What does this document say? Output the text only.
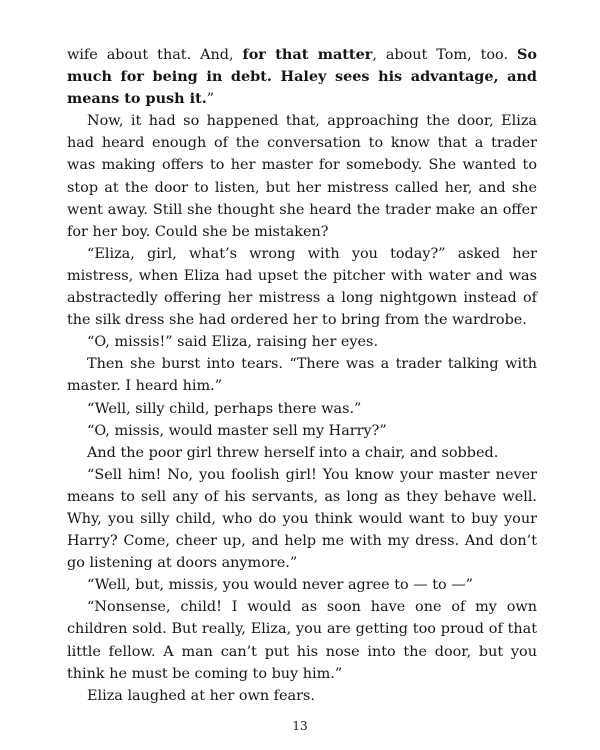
wife about that. And, for that matter, about Tom, too. So much for being in debt. Haley sees his advantage, and means to push it.”

Now, it had so happened that, approaching the door, Eliza had heard enough of the conversation to know that a trader was making offers to her master for somebody. She wanted to stop at the door to listen, but her mistress called her, and she went away. Still she thought she heard the trader make an offer for her boy. Could she be mistaken?

“Eliza, girl, what’s wrong with you today?” asked her mistress, when Eliza had upset the pitcher with water and was abstractedly offering her mistress a long nightgown instead of the silk dress she had ordered her to bring from the wardrobe.

“O, missis!” said Eliza, raising her eyes.

Then she burst into tears. “There was a trader talking with master. I heard him.”

“Well, silly child, perhaps there was.”

“O, missis, would master sell my Harry?”

And the poor girl threw herself into a chair, and sobbed.

“Sell him! No, you foolish girl! You know your master never means to sell any of his servants, as long as they behave well. Why, you silly child, who do you think would want to buy your Harry? Come, cheer up, and help me with my dress. And don’t go listening at doors anymore.”

“Well, but, missis, you would never agree to — to —”

“Nonsense, child! I would as soon have one of my own children sold. But really, Eliza, you are getting too proud of that little fellow. A man can’t put his nose into the door, but you think he must be coming to buy him.”

Eliza laughed at her own fears.

13
